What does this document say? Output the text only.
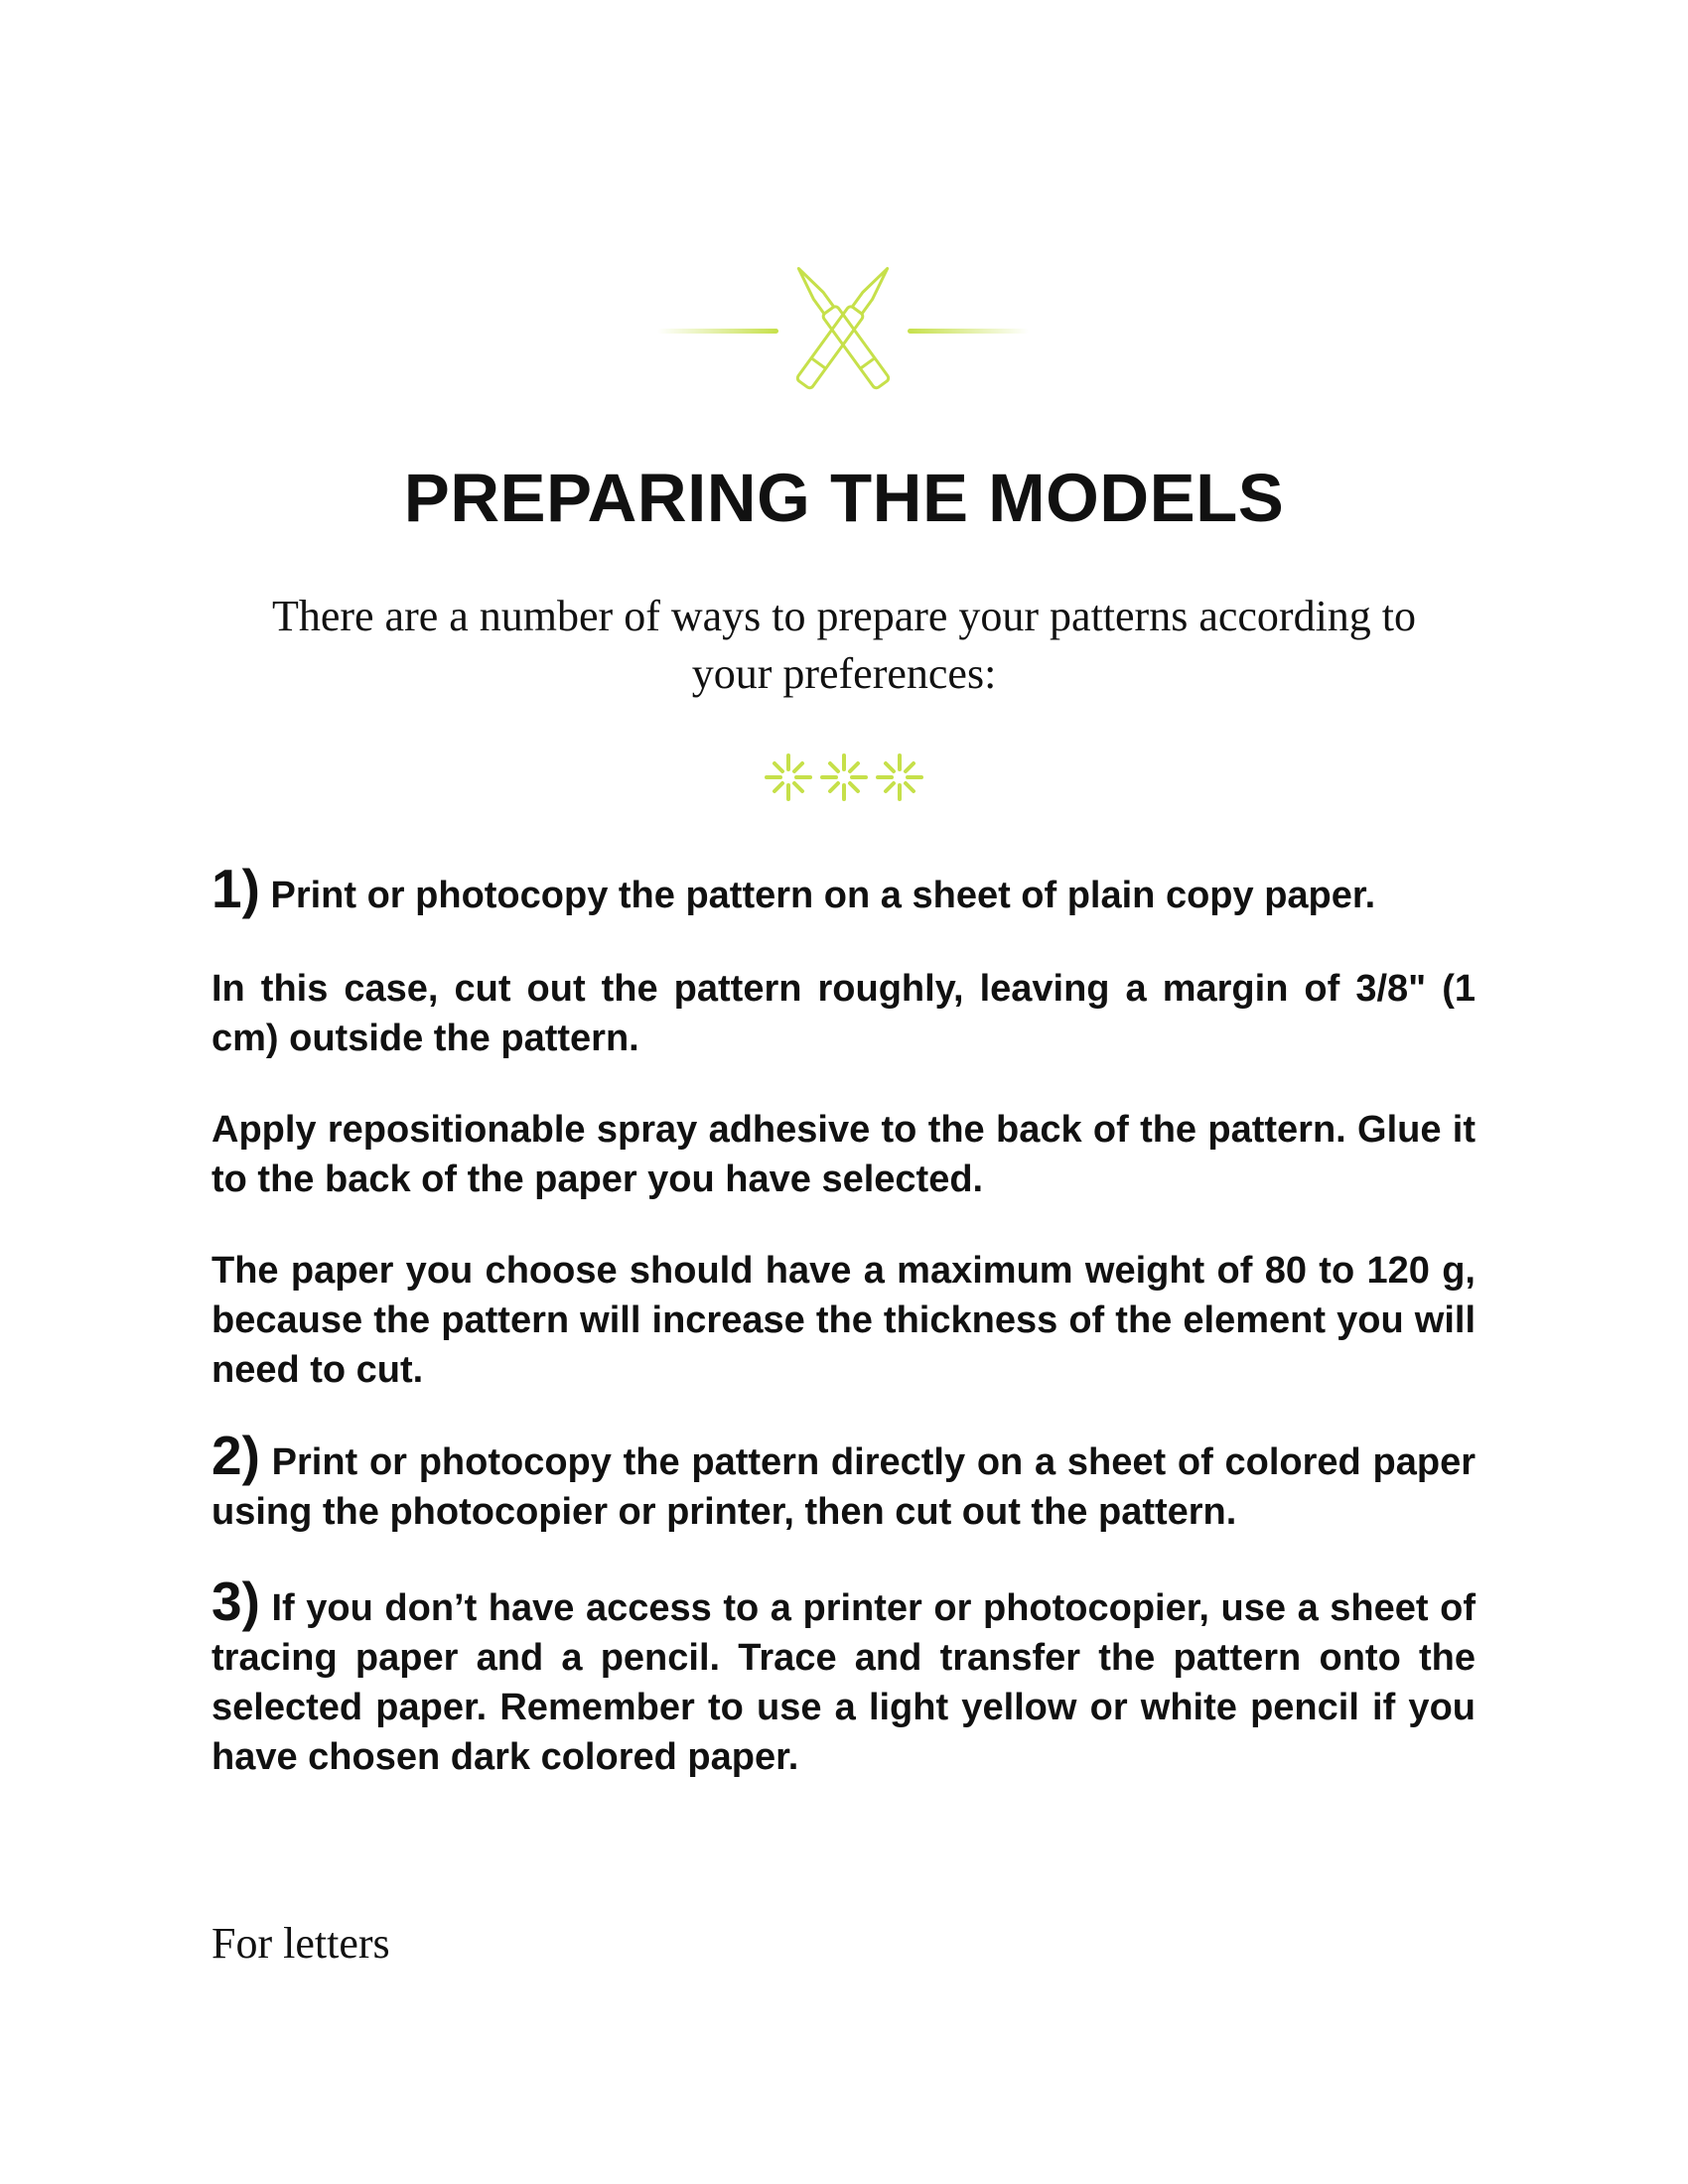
PREPARING THE MODELS

There are a number of ways to prepare your patterns according to your preferences:

1) Print or photocopy the pattern on a sheet of plain copy paper.

In this case, cut out the pattern roughly, leaving a margin of 3/8" (1 cm) outside the pattern.

Apply repositionable spray adhesive to the back of the pattern. Glue it to the back of the paper you have selected.

The paper you choose should have a maximum weight of 80 to 120 g, because the pattern will increase the thickness of the element you will need to cut.

2) Print or photocopy the pattern directly on a sheet of colored paper using the photocopier or printer, then cut out the pattern.

3) If you don’t have access to a printer or photocopier, use a sheet of tracing paper and a pencil. Trace and transfer the pattern onto the selected paper. Remember to use a light yellow or white pencil if you have chosen dark colored paper.

For letters
